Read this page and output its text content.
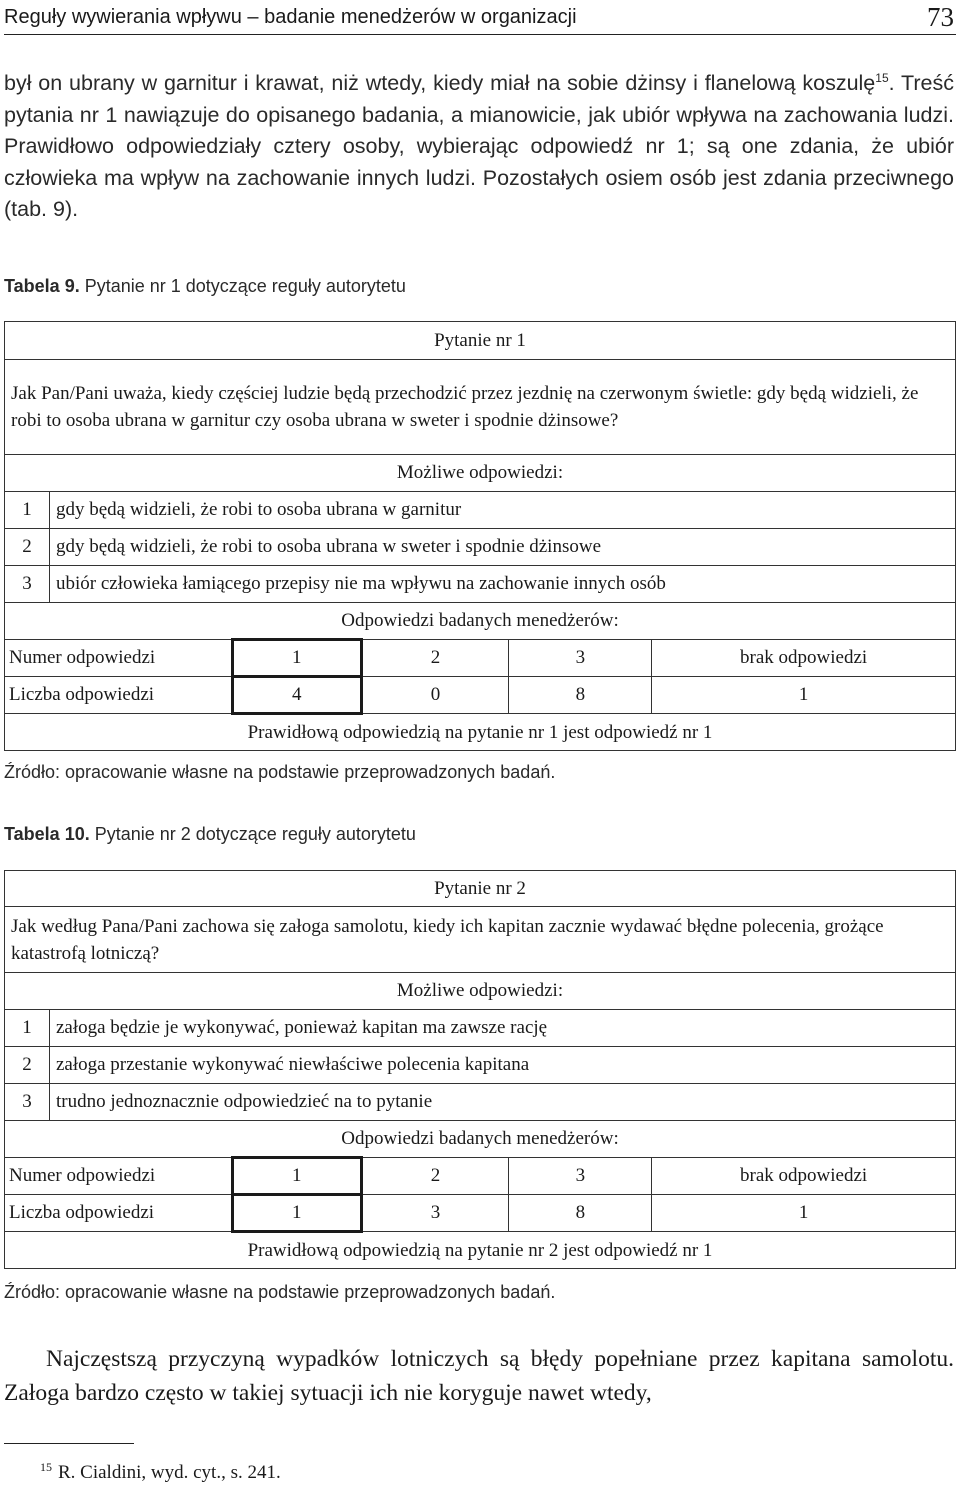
Reguły wywierania wpływu – badanie menedżerów w organizacji	73
był on ubrany w garnitur i krawat, niż wtedy, kiedy miał na sobie dżinsy i flanelową koszulę$^{15}$. Treść pytania nr 1 nawiązuje do opisanego badania, a mianowicie, jak ubiór wpływa na zachowania ludzi. Prawidłowo odpowiedziały cztery osoby, wybierając odpowiedź nr 1; są one zdania, że ubiór człowieka ma wpływ na zachowanie innych ludzi. Pozostałych osiem osób jest zdania przeciwnego (tab. 9).
Tabela 9. Pytanie nr 1 dotyczące reguły autorytetu
Pytanie nr 1					
Jak Pan/Pani uważa, kiedy częściej ludzie będą przechodzić przez jezdnię na czerwonym świetle: gdy będą widzieli, że robi to osoba ubrana w garnitur czy osoba ubrana w sweter i spodnie dżinsowe?					
Możliwe odpowiedzi:					
1	gdy będą widzieli, że robi to osoba ubrana w garnitur				
2	gdy będą widzieli, że robi to osoba ubrana w sweter i spodnie dżinsowe				
3	ubiór człowieka łamiącego przepisy nie ma wpływu na zachowanie innych osób				
Odpowiedzi badanych menedżerów:					
Numer odpowiedzi		1	2	3	brak odpowiedzi
Liczba odpowiedzi		4	0	8	1
Prawidłową odpowiedzią na pytanie nr 1 jest odpowiedź nr 1					
Źródło: opracowanie własne na podstawie przeprowadzonych badań.
Tabela 10. Pytanie nr 2 dotyczące reguły autorytetu
Pytanie nr 2					
Jak według Pana/Pani zachowa się załoga samolotu, kiedy ich kapitan zacznie wydawać błędne polecenia, grożące katastrofą lotniczą?					
Możliwe odpowiedzi:					
1	załoga będzie je wykonywać, ponieważ kapitan ma zawsze rację				
2	załoga przestanie wykonywać niewłaściwe polecenia kapitana				
3	trudno jednoznacznie odpowiedzieć na to pytanie				
Odpowiedzi badanych menedżerów:					
Numer odpowiedzi		1	2	3	brak odpowiedzi
Liczba odpowiedzi		1	3	8	1
Prawidłową odpowiedzią na pytanie nr 2 jest odpowiedź nr 1					
Źródło: opracowanie własne na podstawie przeprowadzonych badań.
Najczęstszą przyczyną wypadków lotniczych są błędy popełniane przez kapitana samolotu. Załoga bardzo często w takiej sytuacji ich nie koryguje nawet wtedy,
$^{15}$ R. Cialdini, wyd. cyt., s. 241.
